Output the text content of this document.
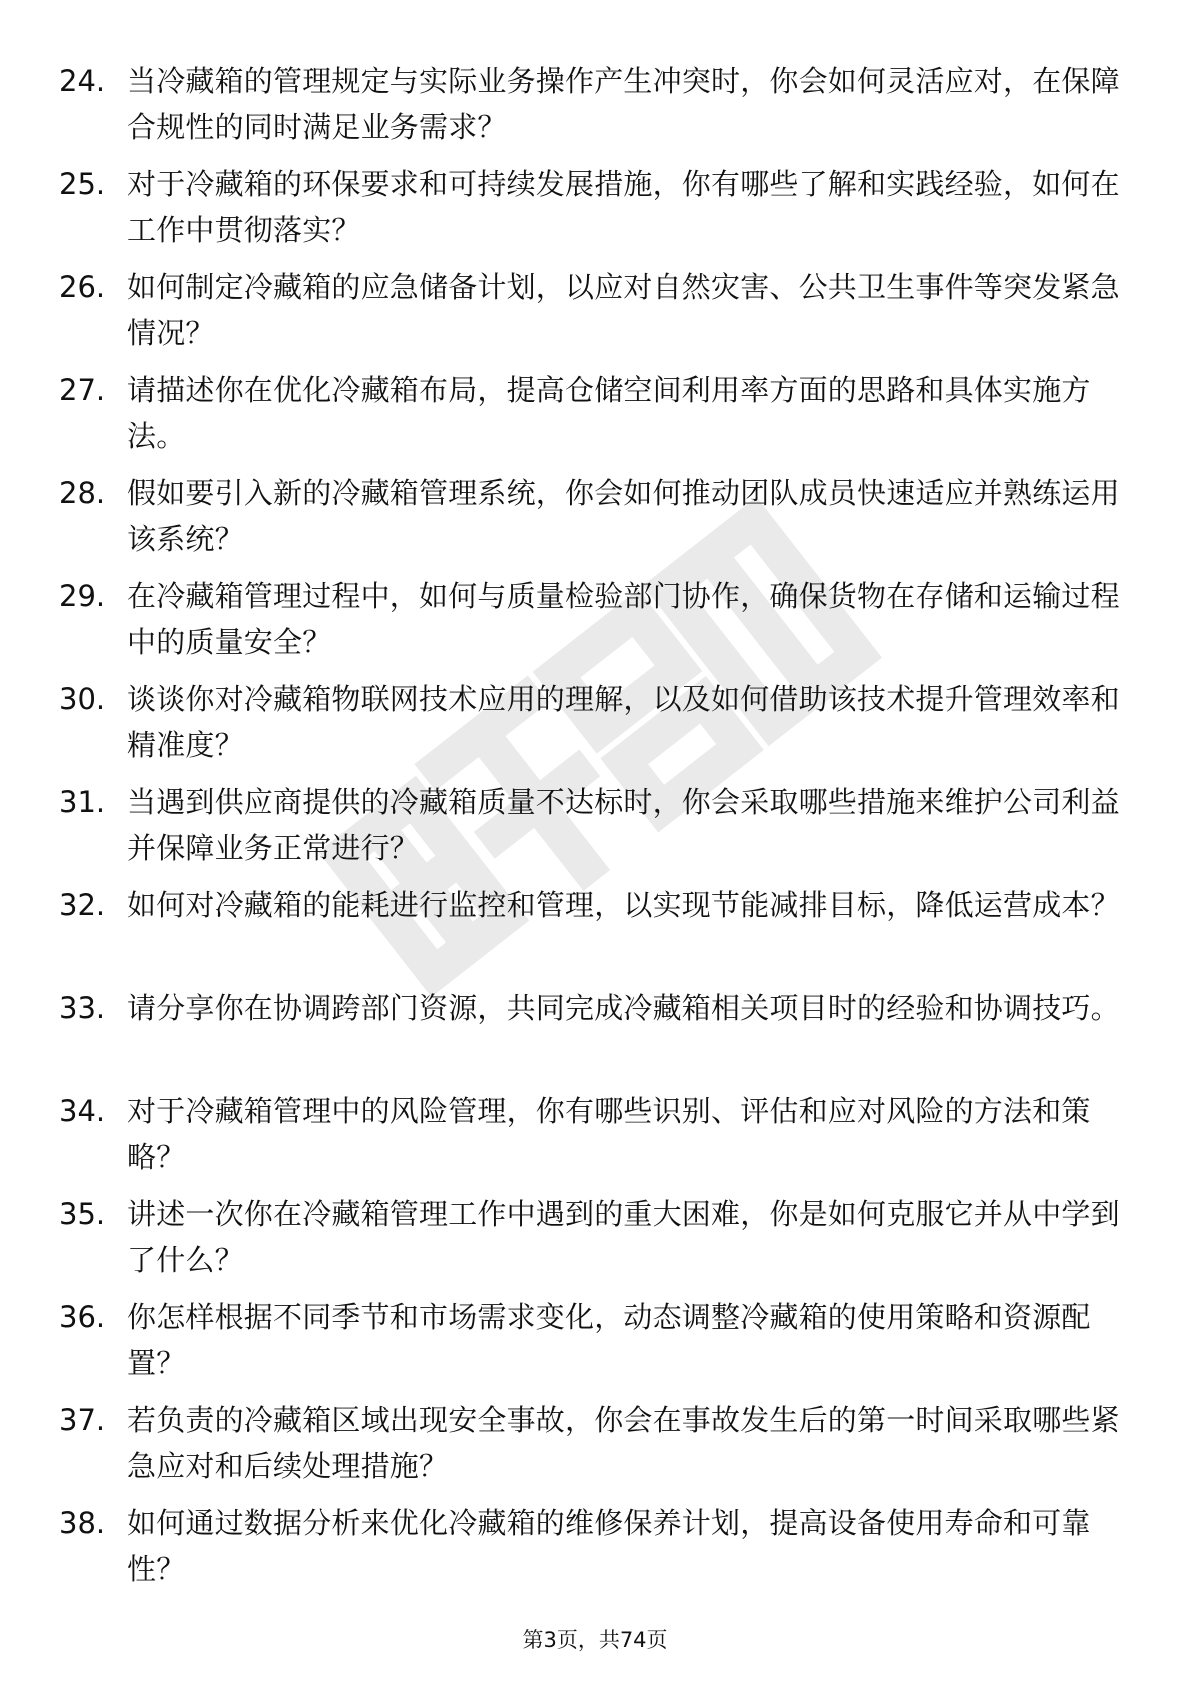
24. 当冷藏箱的管理规定与实际业务操作产生冲突时，你会如何灵活应对，在保障合规性的同时满足业务需求？
25. 对于冷藏箱的环保要求和可持续发展措施，你有哪些了解和实践经验，如何在工作中贯彻落实？
26. 如何制定冷藏箱的应急储备计划，以应对自然灾害、公共卫生事件等突发紧急情况？
27. 请描述你在优化冷藏箱布局，提高仓储空间利用率方面的思路和具体实施方法。
28. 假如要引入新的冷藏箱管理系统，你会如何推动团队成员快速适应并熟练运用该系统？
29. 在冷藏箱管理过程中，如何与质量检验部门协作，确保货物在存储和运输过程中的质量安全？
30. 谈谈你对冷藏箱物联网技术应用的理解，以及如何借助该技术提升管理效率和精准度？
31. 当遇到供应商提供的冷藏箱质量不达标时，你会采取哪些措施来维护公司利益并保障业务正常进行？
32. 如何对冷藏箱的能耗进行监控和管理，以实现节能减排目标，降低运营成本？
33. 请分享你在协调跨部门资源，共同完成冷藏箱相关项目时的经验和协调技巧。
34. 对于冷藏箱管理中的风险管理，你有哪些识别、评估和应对风险的方法和策略？
35. 讲述一次你在冷藏箱管理工作中遇到的重大困难，你是如何克服它并从中学到了什么？
36. 你怎样根据不同季节和市场需求变化，动态调整冷藏箱的使用策略和资源配置？
37. 若负责的冷藏箱区域出现安全事故，你会在事故发生后的第一时间采取哪些紧急应对和后续处理措施？
38. 如何通过数据分析来优化冷藏箱的维修保养计划，提高设备使用寿命和可靠性？
第3页，共74页
